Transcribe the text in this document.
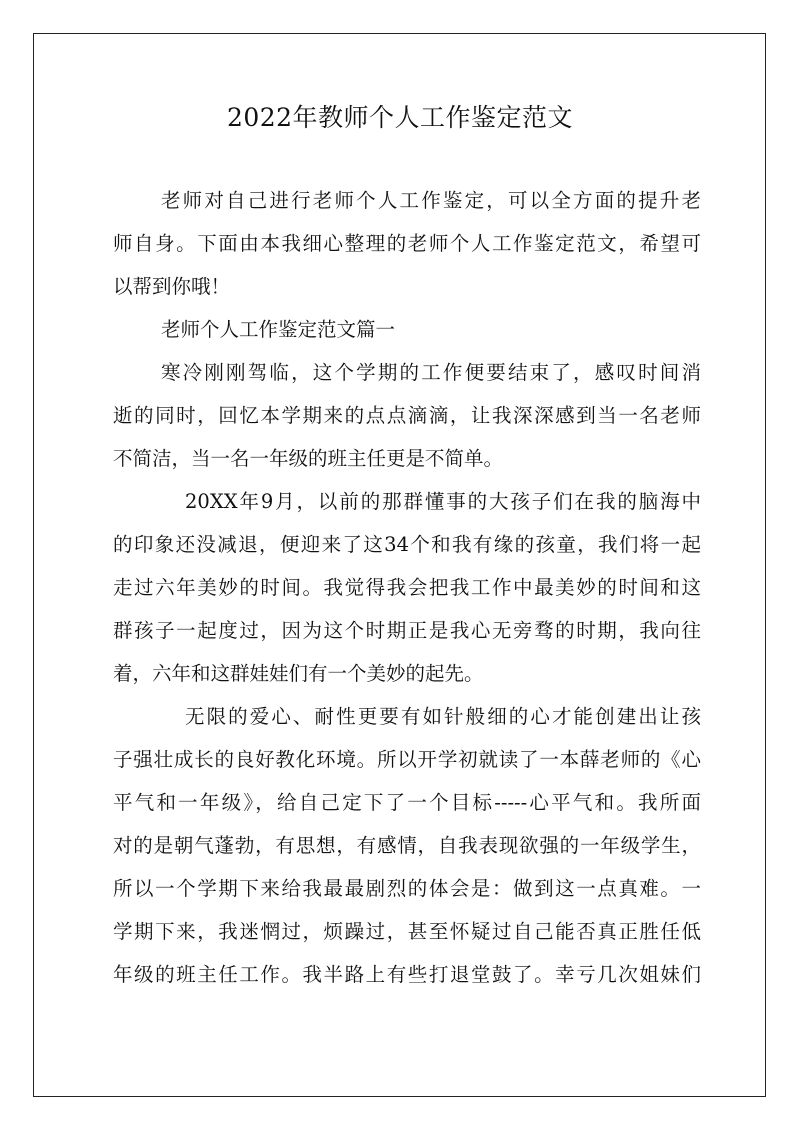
2022年教师个人工作鉴定范文
老师对自己进行老师个人工作鉴定，可以全方面的提升老
师自身。下面由本我细心整理的老师个人工作鉴定范文，希望可
以帮到你哦！
老师个人工作鉴定范文篇一
寒冷刚刚驾临，这个学期的工作便要结束了，感叹时间消
逝的同时，回忆本学期来的点点滴滴，让我深深感到当一名老师
不简洁，当一名一年级的班主任更是不简单。
20XX年9月，以前的那群懂事的大孩子们在我的脑海中
的印象还没减退，便迎来了这34个和我有缘的孩童，我们将一起
走过六年美妙的时间。我觉得我会把我工作中最美妙的时间和这
群孩子一起度过，因为这个时期正是我心无旁骛的时期，我向往
着，六年和这群娃娃们有一个美妙的起先。
无限的爱心、耐性更要有如针般细的心才能创建出让孩
子强壮成长的良好教化环境。所以开学初就读了一本薛老师的《心
平气和一年级》，给自己定下了一个目标-----心平气和。我所面
对的是朝气蓬勃，有思想，有感情，自我表现欲强的一年级学生，
所以一个学期下来给我最最剧烈的体会是：做到这一点真难。一
学期下来，我迷惘过，烦躁过，甚至怀疑过自己能否真正胜任低
年级的班主任工作。我半路上有些打退堂鼓了。幸亏几次姐妹们
